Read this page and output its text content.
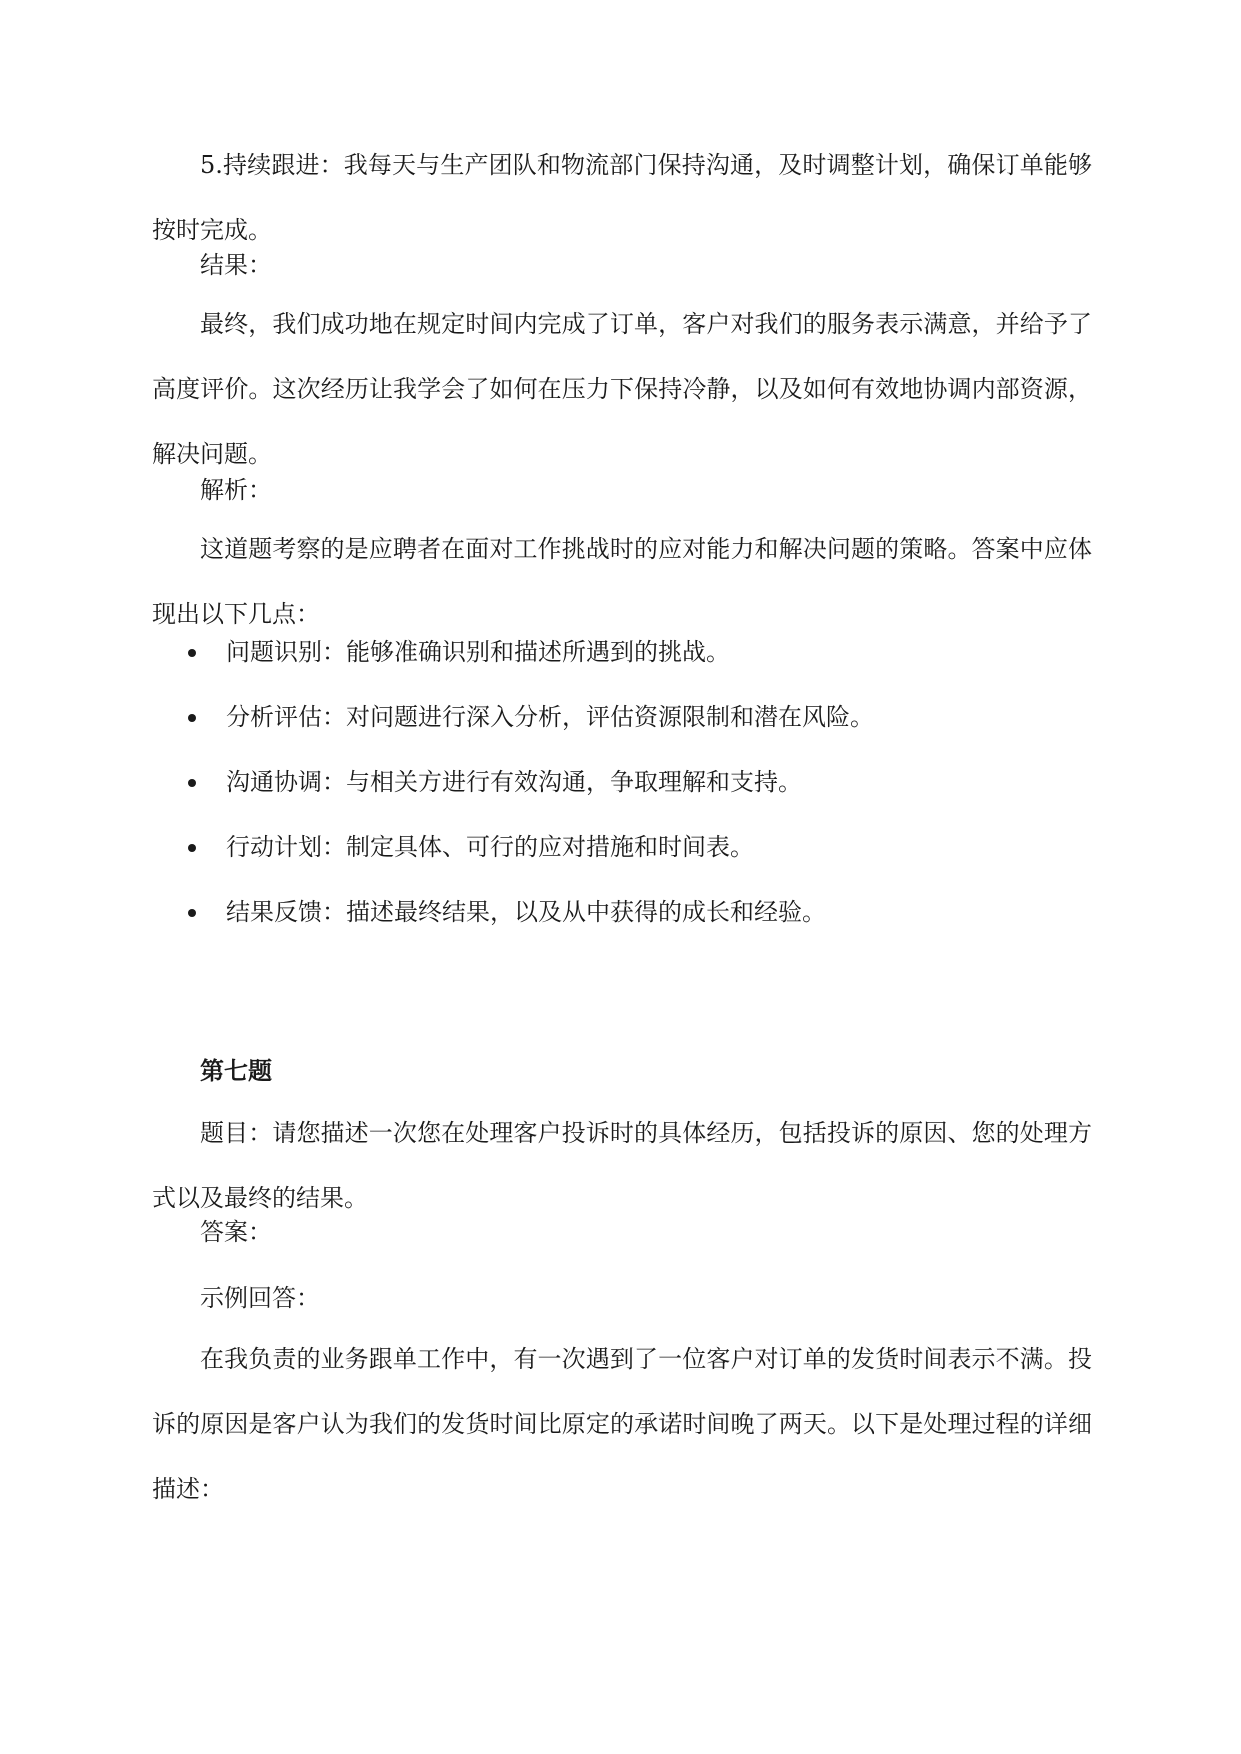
5.持续跟进：我每天与生产团队和物流部门保持沟通，及时调整计划，确保订单能够按时完成。

结果：

最终，我们成功地在规定时间内完成了订单，客户对我们的服务表示满意，并给予了高度评价。这次经历让我学会了如何在压力下保持冷静，以及如何有效地协调内部资源，解决问题。

解析：

这道题考察的是应聘者在面对工作挑战时的应对能力和解决问题的策略。答案中应体现出以下几点：

问题识别：能够准确识别和描述所遇到的挑战。
分析评估：对问题进行深入分析，评估资源限制和潜在风险。
沟通协调：与相关方进行有效沟通，争取理解和支持。
行动计划：制定具体、可行的应对措施和时间表。
结果反馈：描述最终结果，以及从中获得的成长和经验。

第七题

题目：请您描述一次您在处理客户投诉时的具体经历，包括投诉的原因、您的处理方式以及最终的结果。

答案：

示例回答：

在我负责的业务跟单工作中，有一次遇到了一位客户对订单的发货时间表示不满。投诉的原因是客户认为我们的发货时间比原定的承诺时间晚了两天。以下是处理过程的详细描述：
